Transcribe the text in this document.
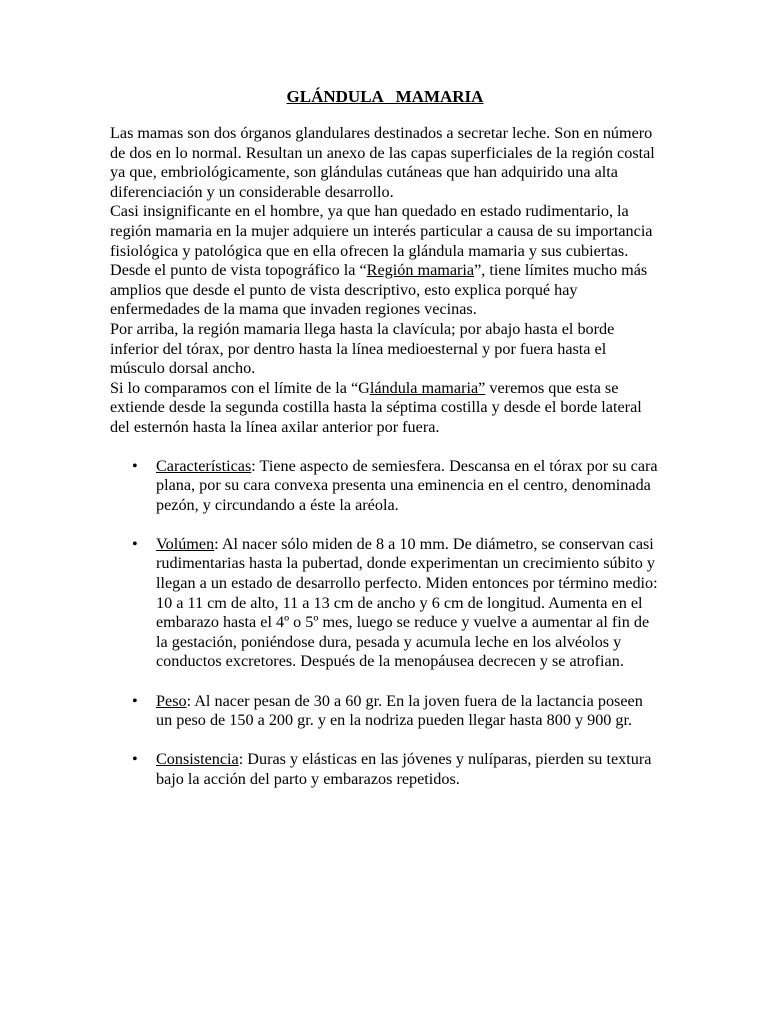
GLÁNDULA   MAMARIA

Las mamas son dos órganos glandulares destinados a secretar leche. Son en número de dos en lo normal. Resultan un anexo de las capas superficiales de la región costal ya que, embriológicamente, son glándulas cutáneas que han adquirido una alta diferenciación y un considerable desarrollo.

Casi insignificante en el hombre, ya que han quedado en estado rudimentario, la región mamaria en la mujer adquiere un interés particular a causa de su importancia fisiológica y patológica que en ella ofrecen la glándula mamaria y sus cubiertas.

Desde el punto de vista topográfico la “Región mamaria”, tiene límites mucho más amplios que desde el punto de vista descriptivo, esto explica porqué hay enfermedades de la mama que invaden regiones vecinas.

Por arriba, la región mamaria llega hasta la clavícula; por abajo hasta el borde inferior del tórax, por dentro hasta la línea medioesternal y por fuera hasta el músculo dorsal ancho.

Si lo comparamos con el límite de la “Glándula mamaria” veremos que esta se extiende desde la segunda costilla hasta la séptima costilla y desde el borde lateral del esternón hasta la línea axilar anterior por fuera.

• Características: Tiene aspecto de semiesfera. Descansa en el tórax por su cara plana, por su cara convexa presenta una eminencia en el centro, denominada pezón, y circundando a éste la aréola.
• Volúmen: Al nacer sólo miden de 8 a 10 mm. De diámetro, se conservan casi rudimentarias hasta la pubertad, donde experimentan un crecimiento súbito y llegan a un estado de desarrollo perfecto. Miden entonces por término medio: 10 a 11 cm de alto, 11 a 13 cm de ancho y 6 cm de longitud. Aumenta en el embarazo hasta el 4º o 5º mes, luego se reduce y vuelve a aumentar al fin de la gestación, poniéndose dura, pesada y acumula leche en los alvéolos y conductos excretores. Después de la menopáusea decrecen y se atrofian.
• Peso: Al nacer pesan de 30 a 60 gr. En la joven fuera de la lactancia poseen un peso de 150 a 200 gr. y en la nodriza pueden llegar hasta 800 y 900 gr.
• Consistencia: Duras y elásticas en las jóvenes y nulíparas, pierden su textura bajo la acción del parto y embarazos repetidos.
